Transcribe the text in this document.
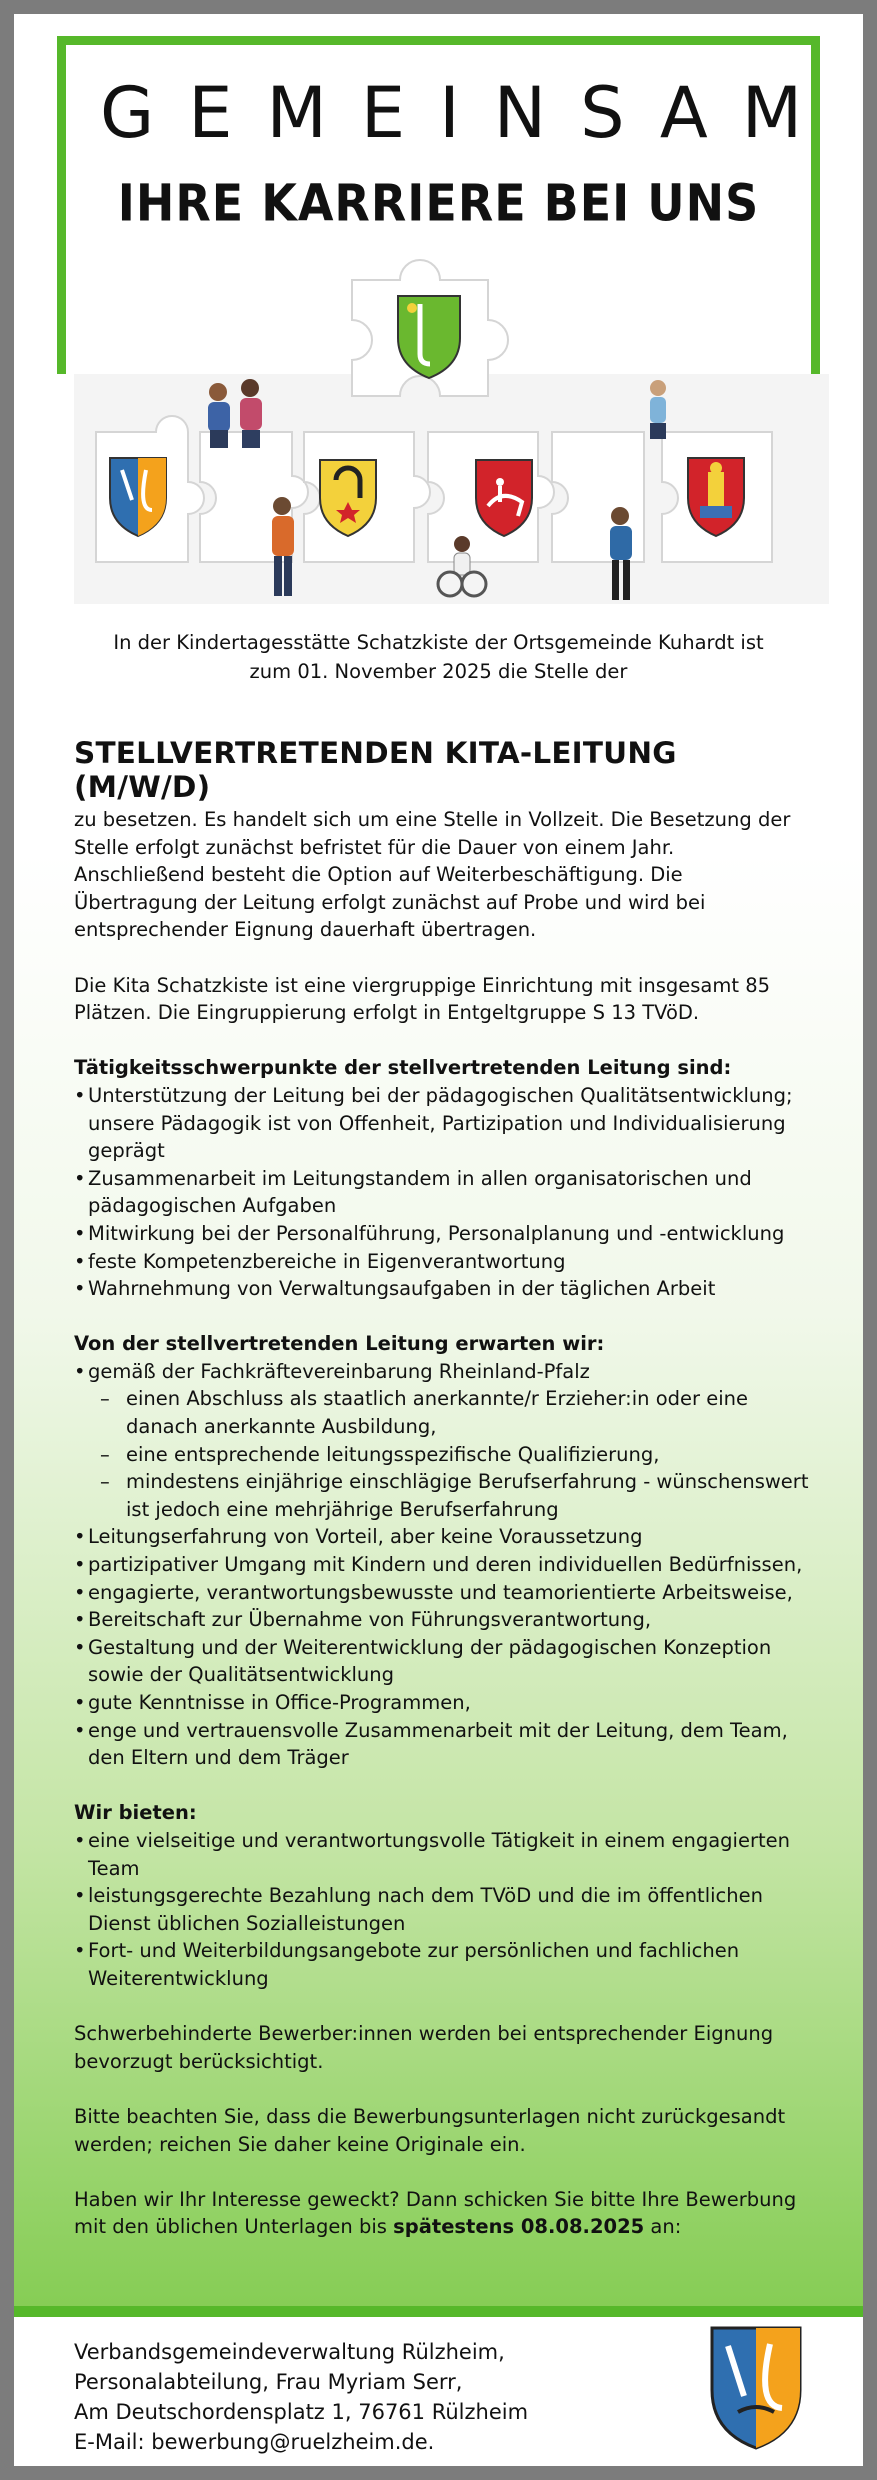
GEMEINSAM
IHRE KARRIERE BEI UNS
In der Kindertagesstätte Schatzkiste der Ortsgemeinde Kuhardt ist
zum 01. November 2025 die Stelle der
STELLVERTRETENDEN KITA-LEITUNG (M/W/D)

zu besetzen. Es handelt sich um eine Stelle in Vollzeit. Die Besetzung der Stelle erfolgt zunächst befristet für die Dauer von einem Jahr. Anschließend besteht die Option auf Weiterbeschäftigung. Die Übertragung der Leitung erfolgt zunächst auf Probe und wird bei entsprechender Eignung dauerhaft übertragen.

Die Kita Schatzkiste ist eine viergruppige Einrichtung mit insgesamt 85 Plätzen. Die Eingruppierung erfolgt in Entgeltgruppe S 13 TVöD.

Tätigkeitsschwerpunkte der stellvertretenden Leitung sind:

• Unterstützung der Leitung bei der pädagogischen Qualitätsentwicklung; unsere Pädagogik ist von Offenheit, Partizipation und Individualisierung geprägt
• Zusammenarbeit im Leitungstandem in allen organisatorischen und pädagogischen Aufgaben
• Mitwirkung bei der Personalführung, Personalplanung und -entwicklung
• feste Kompetenzbereiche in Eigenverantwortung
• Wahrnehmung von Verwaltungsaufgaben in der täglichen Arbeit

Von der stellvertretenden Leitung erwarten wir:

• gemäß der Fachkräftevereinbarung Rheinland-Pfalz
– einen Abschluss als staatlich anerkannte/r Erzieher:in oder eine danach anerkannte Ausbildung,
– eine entsprechende leitungsspezifische Qualifizierung,
– mindestens einjährige einschlägige Berufserfahrung - wünschenswert ist jedoch eine mehrjährige Berufserfahrung
• Leitungserfahrung von Vorteil, aber keine Voraussetzung
• partizipativer Umgang mit Kindern und deren individuellen Bedürfnissen,
• engagierte, verantwortungsbewusste und teamorientierte Arbeitsweise,
• Bereitschaft zur Übernahme von Führungsverantwortung,
• Gestaltung und der Weiterentwicklung der pädagogischen Konzeption sowie der Qualitätsentwicklung
• gute Kenntnisse in Office-Programmen,
• enge und vertrauensvolle Zusammenarbeit mit der Leitung, dem Team, den Eltern und dem Träger

Wir bieten:

• eine vielseitige und verantwortungsvolle Tätigkeit in einem engagierten Team
• leistungsgerechte Bezahlung nach dem TVöD und die im öffentlichen Dienst üblichen Sozialleistungen
• Fort- und Weiterbildungsangebote zur persönlichen und fachlichen Weiterentwicklung

Schwerbehinderte Bewerber:innen werden bei entsprechender Eignung bevorzugt berücksichtigt.

Bitte beachten Sie, dass die Bewerbungsunterlagen nicht zurückgesandt werden; reichen Sie daher keine Originale ein.

Haben wir Ihr Interesse geweckt? Dann schicken Sie bitte Ihre Bewerbung mit den üblichen Unterlagen bis spätestens 08.08.2025 an:

Verbandsgemeindeverwaltung Rülzheim,
Personalabteilung, Frau Myriam Serr,
Am Deutschordensplatz 1, 76761 Rülzheim
E-Mail: bewerbung@ruelzheim.de.
